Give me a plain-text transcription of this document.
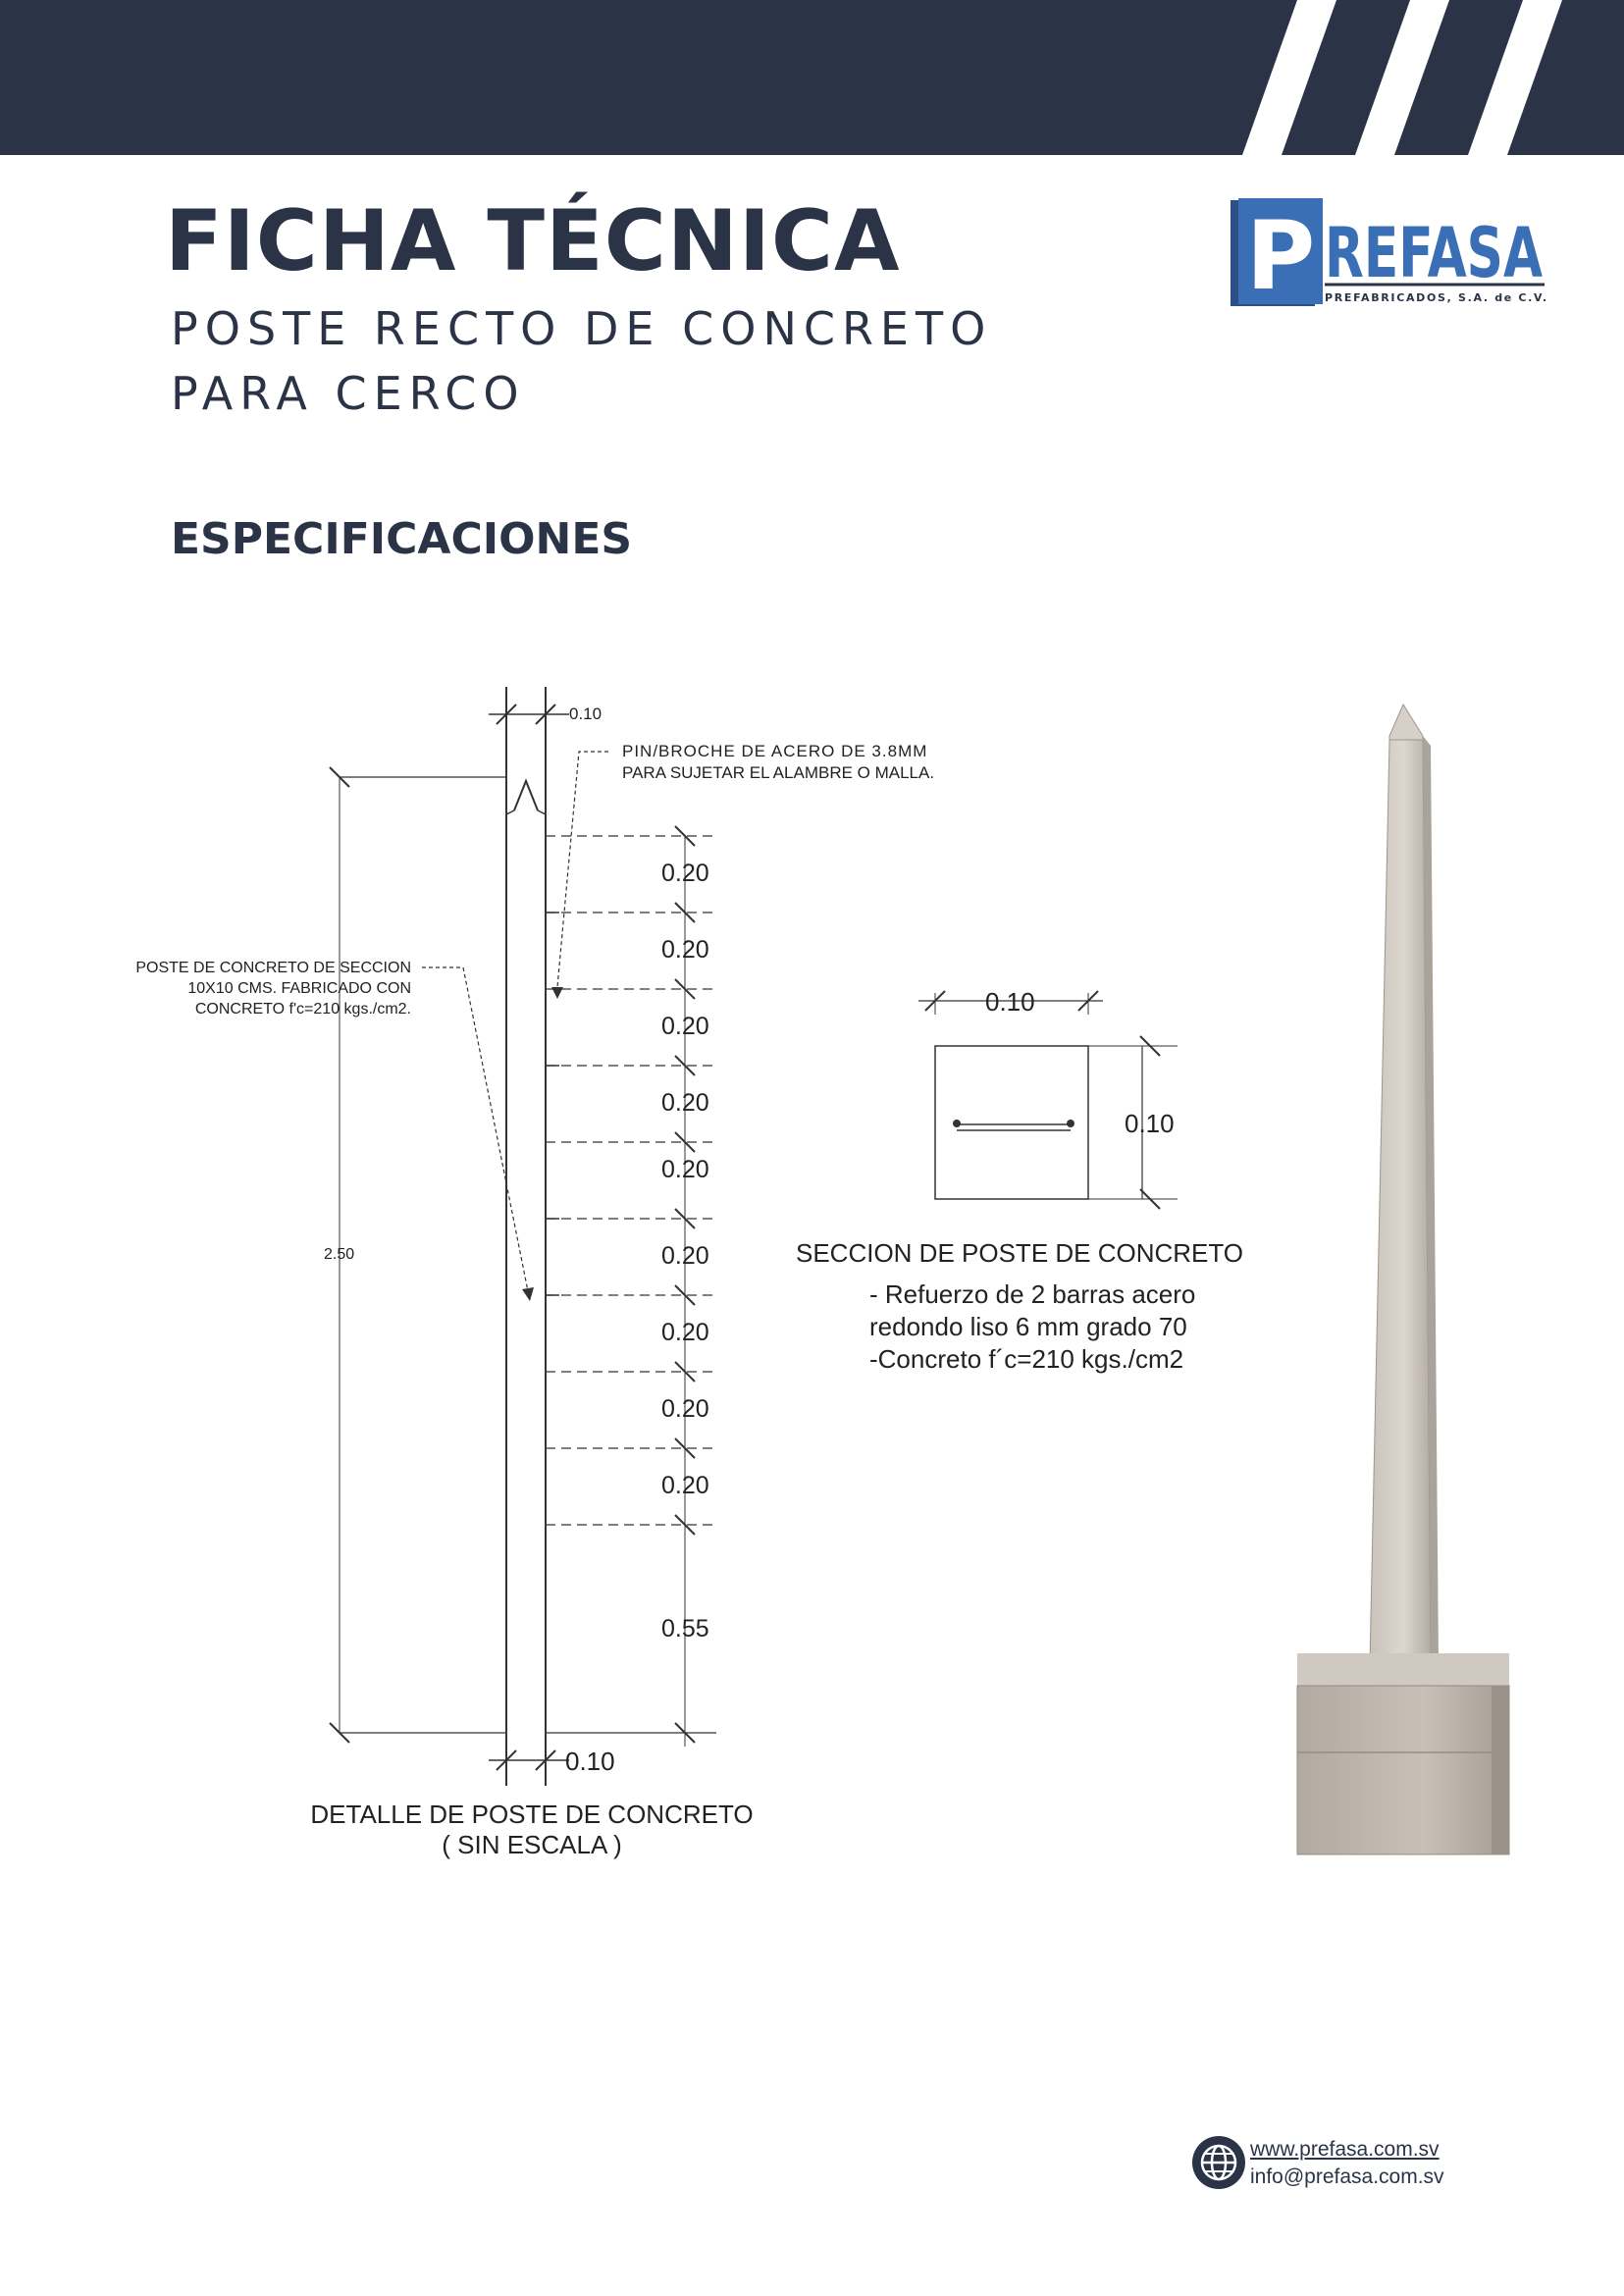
FICHA TÉCNICA
POSTE RECTO DE CONCRETO
PARA CERCO
ESPECIFICACIONES
P REFASA
PREFABRICADOS, S.A. de C.V.
0.10
PIN/BROCHE DE ACERO DE 3.8MM
PARA SUJETAR EL ALAMBRE O MALLA.
POSTE DE CONCRETO DE SECCION
10X10 CMS. FABRICADO CON
CONCRETO f'c=210 kgs./cm2.
2.50
0.20
0.20
0.20
0.20
0.20
0.20
0.20
0.20
0.20
0.55
0.10
DETALLE DE POSTE DE CONCRETO
( SIN ESCALA )
0.10
0.10
SECCION DE POSTE DE CONCRETO
- Refuerzo de 2 barras acero
redondo liso 6 mm grado 70
-Concreto f´c=210 kgs./cm2
www.prefasa.com.sv
info@prefasa.com.sv
